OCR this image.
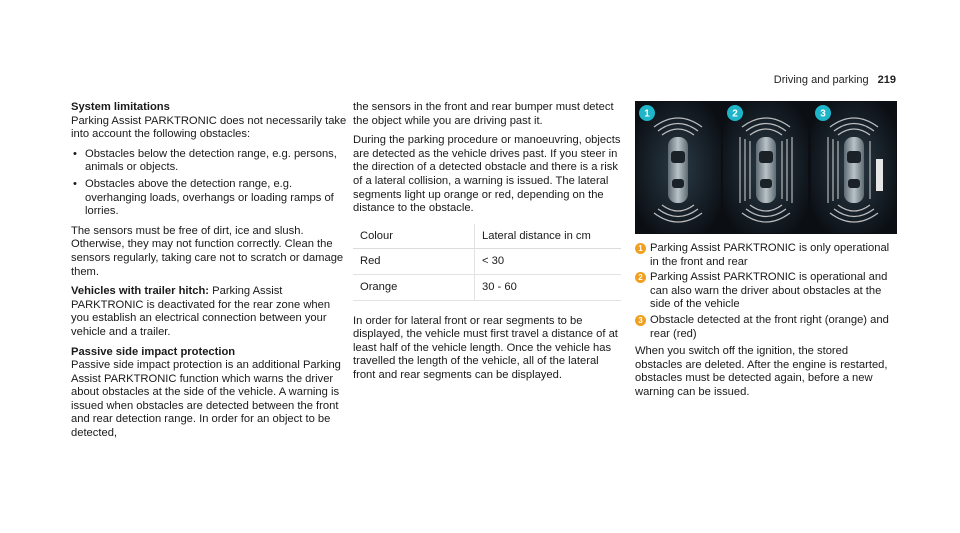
Driving and parking 219
System limitations

Parking Assist PARKTRONIC does not necessarily take into account the following obstacles:

• Obstacles below the detection range, e.g. persons, animals or objects.
• Obstacles above the detection range, e.g. overhanging loads, overhangs or loading ramps of lorries.

The sensors must be free of dirt, ice and slush. Otherwise, they may not function correctly. Clean the sensors regularly, taking care not to scratch or damage them.

Vehicles with trailer hitch: Parking Assist PARKTRONIC is deactivated for the rear zone when you establish an electrical connection between your vehicle and a trailer.

Passive side impact protection

Passive side impact protection is an additional Parking Assist PARKTRONIC function which warns the driver about obstacles at the side of the vehicle. A warning is issued when obstacles are detected between the front and rear detection range. In order for an object to be detected,

the sensors in the front and rear bumper must detect the object while you are driving past it.

During the parking procedure or manoeuvring, objects are detected as the vehicle drives past. If you steer in the direction of a detected obstacle and there is a risk of a lateral collision, a warning is issued. The lateral segments light up orange or red, depending on the distance to the obstacle.

Colour	Lateral distance in cm
Red	< 30
Orange	30 - 60

In order for lateral front or rear segments to be displayed, the vehicle must first travel a distance of at least half of the vehicle length. Once the vehicle has travelled the length of the vehicle, all of the lateral front and rear segments can be displayed.

1	2	3
1 Parking Assist PARKTRONIC is only operational in the front and rear
2 Parking Assist PARKTRONIC is operational and can also warn the driver about obstacles at the side of the vehicle
3 Obstacle detected at the front right (orange) and rear (red)

When you switch off the ignition, the stored obstacles are deleted. After the engine is restarted, obstacles must be detected again, before a new warning can be issued.
